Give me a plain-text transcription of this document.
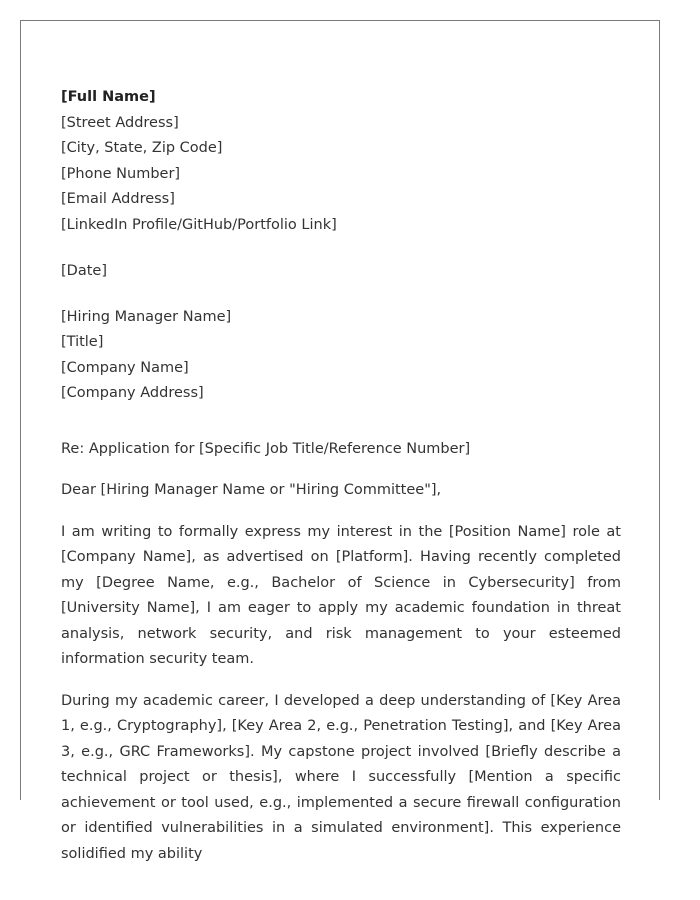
[Full Name]
[Street Address]
[City, State, Zip Code]
[Phone Number]
[Email Address]
[LinkedIn Profile/GitHub/Portfolio Link]
[Date]
[Hiring Manager Name]
[Title]
[Company Name]
[Company Address]
Re: Application for [Specific Job Title/Reference Number]
Dear [Hiring Manager Name or "Hiring Committee"],

I am writing to formally express my interest in the [Position Name] role at [Company Name], as advertised on [Platform]. Having recently completed my [Degree Name, e.g., Bachelor of Science in Cybersecurity] from [University Name], I am eager to apply my academic foundation in threat analysis, network security, and risk management to your esteemed information security team.

During my academic career, I developed a deep understanding of [Key Area 1, e.g., Cryptography], [Key Area 2, e.g., Penetration Testing], and [Key Area 3, e.g., GRC Frameworks]. My capstone project involved [Briefly describe a technical project or thesis], where I successfully [Mention a specific achievement or tool used, e.g., implemented a secure firewall configuration or identified vulnerabilities in a simulated environment]. This experience solidified my ability
